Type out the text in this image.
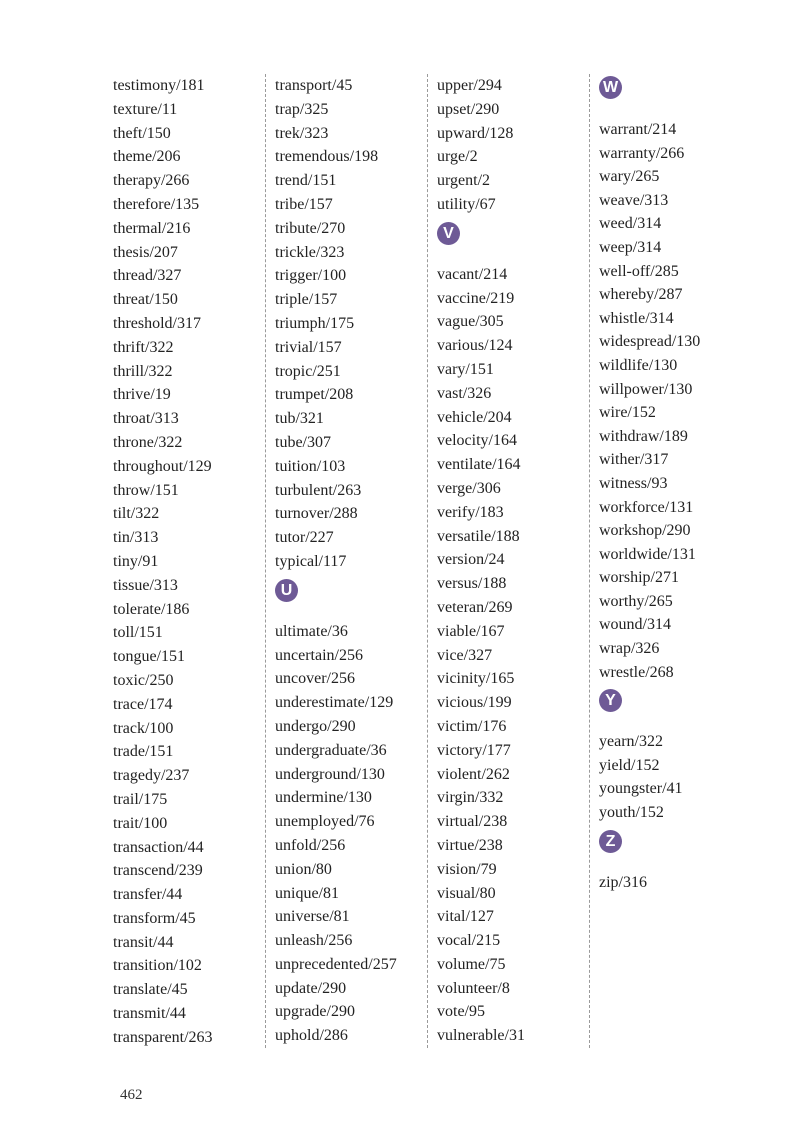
testimony/181
texture/11
theft/150
theme/206
therapy/266
therefore/135
thermal/216
thesis/207
thread/327
threat/150
threshold/317
thrift/322
thrill/322
thrive/19
throat/313
throne/322
throughout/129
throw/151
tilt/322
tin/313
tiny/91
tissue/313
tolerate/186
toll/151
tongue/151
toxic/250
trace/174
track/100
trade/151
tragedy/237
trail/175
trait/100
transaction/44
transcend/239
transfer/44
transform/45
transit/44
transition/102
translate/45
transmit/44
transparent/263
transport/45
trap/325
trek/323
tremendous/198
trend/151
tribe/157
tribute/270
trickle/323
trigger/100
triple/157
triumph/175
trivial/157
tropic/251
trumpet/208
tub/321
tube/307
tuition/103
turbulent/263
turnover/288
tutor/227
typical/117
U
ultimate/36
uncertain/256
uncover/256
underestimate/129
undergo/290
undergraduate/36
underground/130
undermine/130
unemployed/76
unfold/256
union/80
unique/81
universe/81
unleash/256
unprecedented/257
update/290
upgrade/290
uphold/286
upper/294
upset/290
upward/128
urge/2
urgent/2
utility/67
V
vacant/214
vaccine/219
vague/305
various/124
vary/151
vast/326
vehicle/204
velocity/164
ventilate/164
verge/306
verify/183
versatile/188
version/24
versus/188
veteran/269
viable/167
vice/327
vicinity/165
vicious/199
victim/176
victory/177
violent/262
virgin/332
virtual/238
virtue/238
vision/79
visual/80
vital/127
vocal/215
volume/75
volunteer/8
vote/95
vulnerable/31
W
warrant/214
warranty/266
wary/265
weave/313
weed/314
weep/314
well-off/285
whereby/287
whistle/314
widespread/130
wildlife/130
willpower/130
wire/152
withdraw/189
wither/317
witness/93
workforce/131
workshop/290
worldwide/131
worship/271
worthy/265
wound/314
wrap/326
wrestle/268
Y
yearn/322
yield/152
youngster/41
youth/152
Z
zip/316
462
